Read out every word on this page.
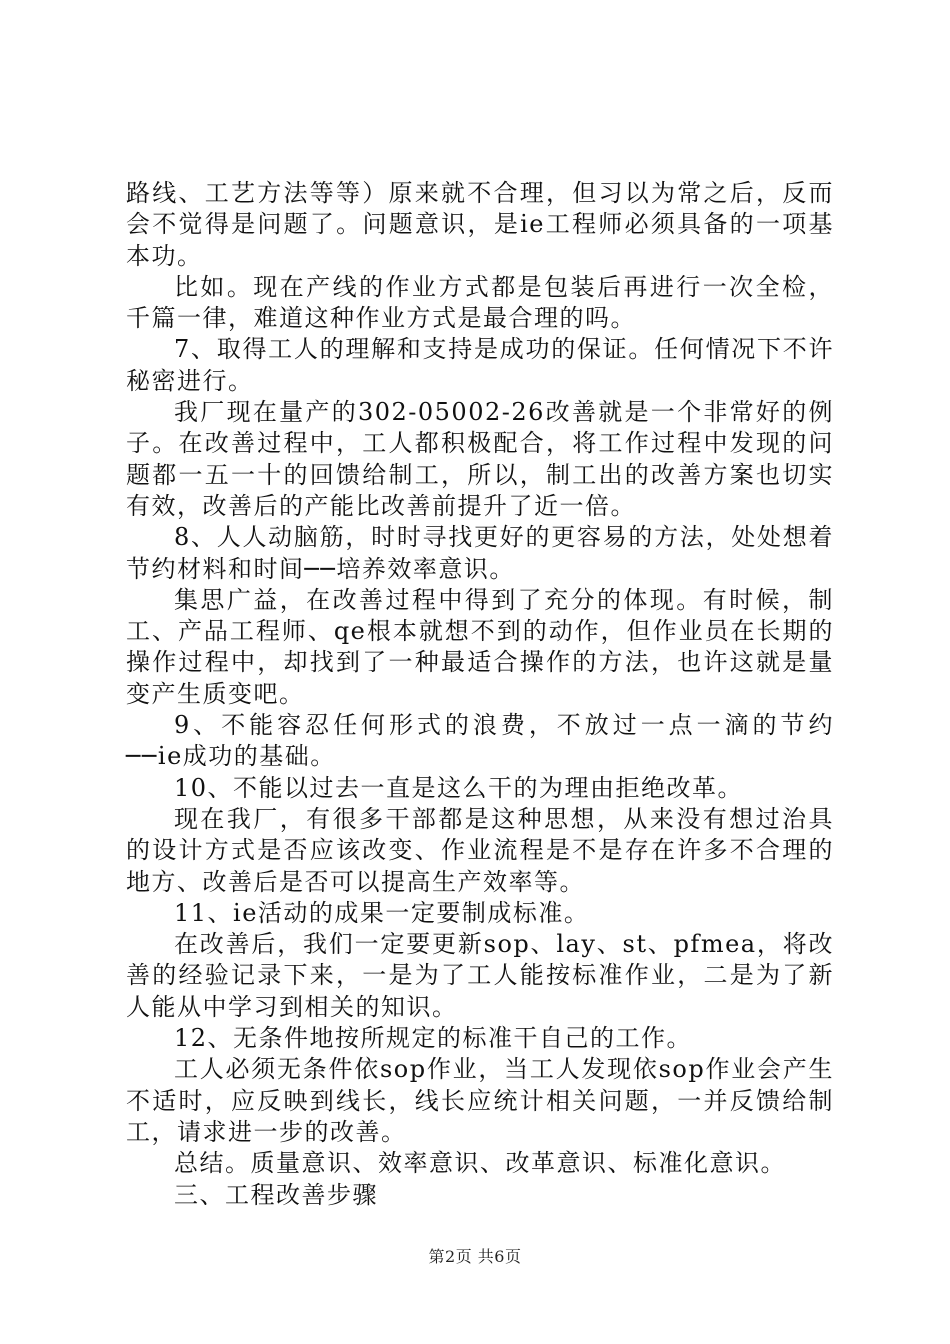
路线、工艺方法等等）原来就不合理，但习以为常之后，反而会不觉得是问题了。问题意识，是ie工程师必须具备的一项基本功。

比如。现在产线的作业方式都是包装后再进行一次全检，千篇一律，难道这种作业方式是最合理的吗。

7、取得工人的理解和支持是成功的保证。任何情况下不许秘密进行。

我厂现在量产的302-05002-26改善就是一个非常好的例子。在改善过程中，工人都积极配合，将工作过程中发现的问题都一五一十的回馈给制工，所以，制工出的改善方案也切实有效，改善后的产能比改善前提升了近一倍。

8、人人动脑筋，时时寻找更好的更容易的方法，处处想着节约材料和时间──培养效率意识。

集思广益，在改善过程中得到了充分的体现。有时候，制工、产品工程师、qe根本就想不到的动作，但作业员在长期的操作过程中，却找到了一种最适合操作的方法，也许这就是量变产生质变吧。

9、不能容忍任何形式的浪费，不放过一点一滴的节约──ie成功的基础。

10、不能以过去一直是这么干的为理由拒绝改革。

现在我厂，有很多干部都是这种思想，从来没有想过治具的设计方式是否应该改变、作业流程是不是存在许多不合理的地方、改善后是否可以提高生产效率等。

11、ie活动的成果一定要制成标准。

在改善后，我们一定要更新sop、lay、st、pfmea，将改善的经验记录下来，一是为了工人能按标准作业，二是为了新人能从中学习到相关的知识。

12、无条件地按所规定的标准干自己的工作。

工人必须无条件依sop作业，当工人发现依sop作业会产生不适时，应反映到线长，线长应统计相关问题，一并反馈给制工，请求进一步的改善。

总结。质量意识、效率意识、改革意识、标准化意识。

三、工程改善步骤

第2页 共6页
